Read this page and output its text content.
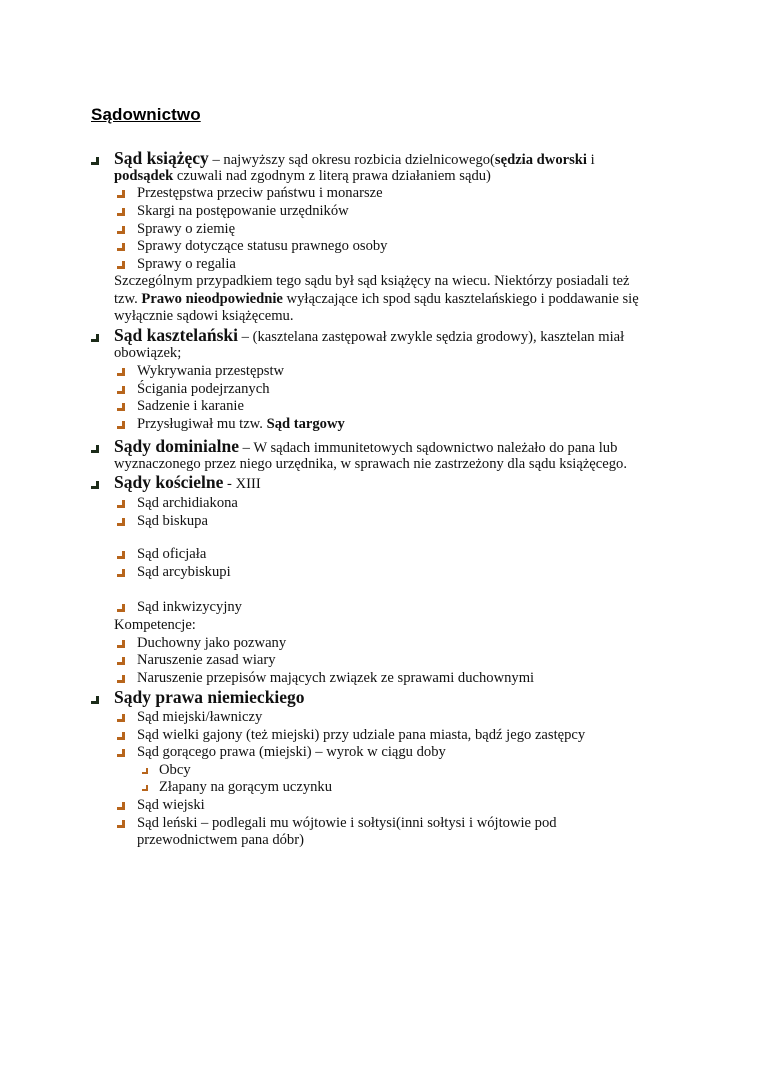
Sądownictwo
Sąd książęcy – najwyższy sąd okresu rozbicia dzielnicowego(sędzia dworski i
podsądek czuwali nad zgodnym z literą prawa działaniem sądu)
Przestępstwa przeciw państwu i monarsze
Skargi na postępowanie urzędników
Sprawy o ziemię
Sprawy dotyczące statusu prawnego osoby
Sprawy o regalia
Szczególnym przypadkiem tego sądu był sąd książęcy na wiecu. Niektórzy posiadali też
tzw. Prawo nieodpowiednie wyłączające ich spod sądu kasztelańskiego i poddawanie się
wyłącznie sądowi książęcemu.
Sąd kasztelański – (kasztelana zastępował zwykle sędzia grodowy), kasztelan miał
obowiązek;
Wykrywania przestępstw
Ścigania podejrzanych
Sadzenie i karanie
Przysługiwał mu tzw. Sąd targowy
Sądy dominialne – W sądach immunitetowych sądownictwo należało do pana lub
wyznaczonego przez niego urzędnika, w sprawach nie zastrzeżony dla sądu książęcego.
Sądy kościelne - XIII
Sąd archidiakona
Sąd biskupa
Sąd oficjała
Sąd arcybiskupi
Sąd inkwizycyjny
Kompetencje:
Duchowny jako pozwany
Naruszenie zasad wiary
Naruszenie przepisów mających związek ze sprawami duchownymi
Sądy prawa niemieckiego
Sąd miejski/ławniczy
Sąd wielki gajony (też miejski) przy udziale pana miasta, bądź jego zastępcy
Sąd gorącego prawa (miejski) – wyrok w ciągu doby
Obcy
Złapany na gorącym uczynku
Sąd wiejski
Sąd leński – podlegali mu wójtowie i sołtysi(inni sołtysi i wójtowie pod
przewodnictwem pana dóbr)
